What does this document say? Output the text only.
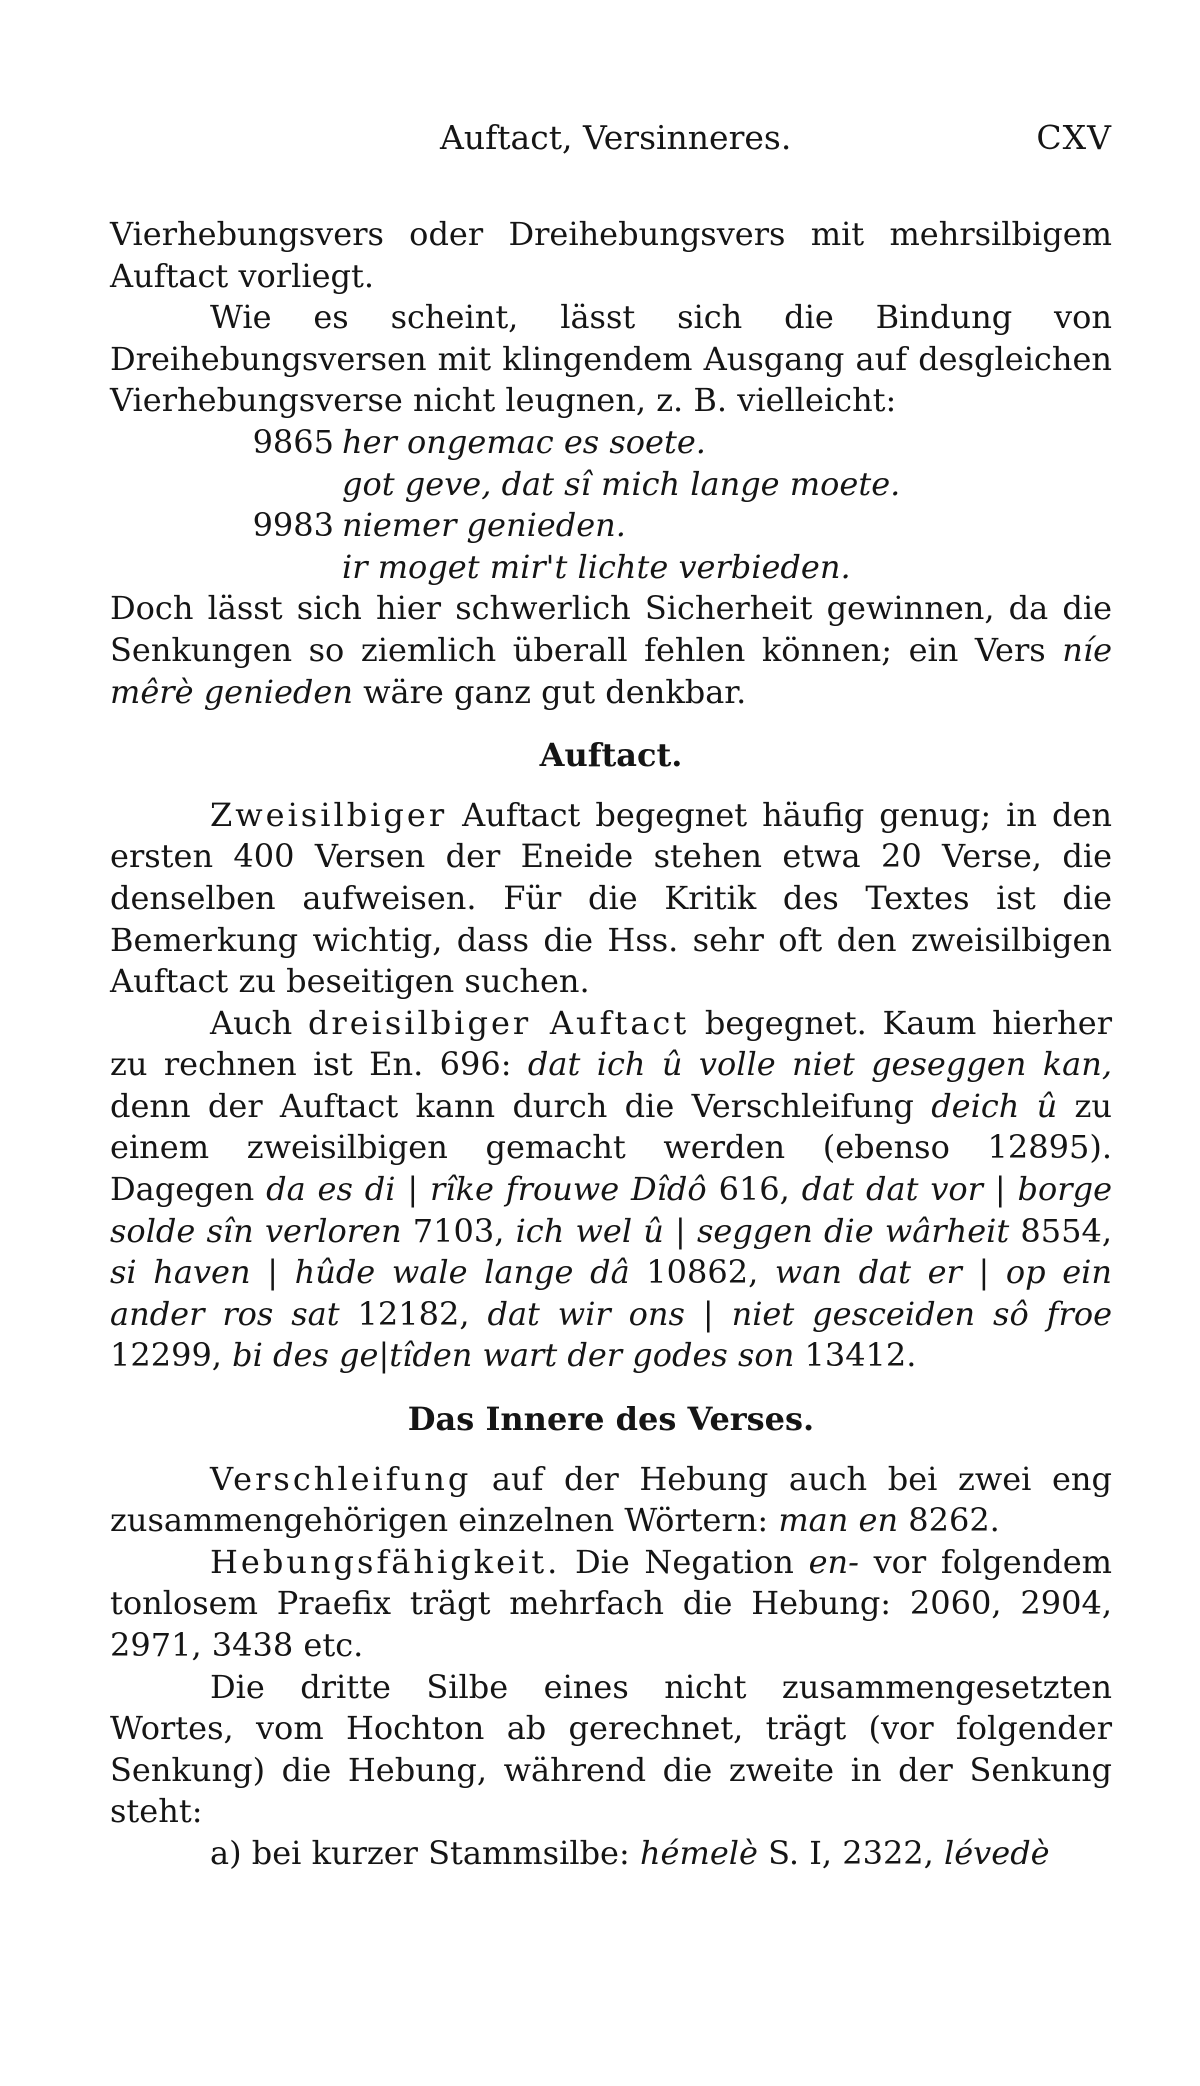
Auftact, Versinneres.	CXV

Vierhebungsvers oder Dreihebungsvers mit mehrsilbigem Auftact vorliegt.

Wie es scheint, lässt sich die Bindung von Dreihebungsversen mit klingendem Ausgang auf desgleichen Vierhebungsverse nicht leugnen, z. B. vielleicht:

9865 her ongemac es soete.
got geve, dat sî mich lange moete.
9983 niemer genieden.
ir moget mir't lichte verbieden.

Doch lässt sich hier schwerlich Sicherheit gewinnen, da die Senkungen so ziemlich überall fehlen können; ein Vers níe mêrè genieden wäre ganz gut denkbar.

Auftact.

Zweisilbiger Auftact begegnet häufig genug; in den ersten 400 Versen der Eneide stehen etwa 20 Verse, die denselben aufweisen. Für die Kritik des Textes ist die Bemerkung wichtig, dass die Hss. sehr oft den zweisilbigen Auftact zu beseitigen suchen.

Auch dreisilbiger Auftact begegnet. Kaum hierher zu rechnen ist En. 696: dat ich û volle niet geseggen kan, denn der Auftact kann durch die Verschleifung deich û zu einem zweisilbigen gemacht werden (ebenso 12895). Dagegen da es di | rîke frouwe Dîdô 616, dat dat vor | borge solde sîn verloren 7103, ich wel û | seggen die wârheit 8554, si haven | hûde wale lange dâ 10862, wan dat er | op ein ander ros sat 12182, dat wir ons | niet gesceiden sô froe 12299, bi des ge|tîden wart der godes son 13412.

Das Innere des Verses.

Verschleifung auf der Hebung auch bei zwei eng zusammengehörigen einzelnen Wörtern: man en 8262.

Hebungsfähigkeit. Die Negation en- vor folgendem tonlosem Praefix trägt mehrfach die Hebung: 2060, 2904, 2971, 3438 etc.

Die dritte Silbe eines nicht zusammengesetzten Wortes, vom Hochton ab gerechnet, trägt (vor folgender Senkung) die Hebung, während die zweite in der Senkung steht:

a) bei kurzer Stammsilbe: hémelè S. I, 2322, lévedè
